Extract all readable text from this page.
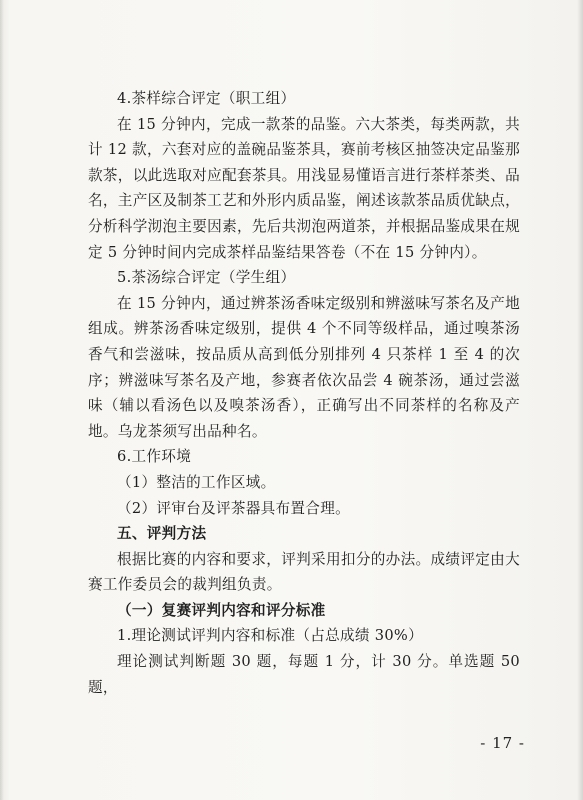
4.茶样综合评定（职工组）

在 15 分钟内，完成一款茶的品鉴。六大茶类，每类两款，共计 12 款，六套对应的盖碗品鉴茶具，赛前考核区抽签决定品鉴那款茶，以此选取对应配套茶具。用浅显易懂语言进行茶样茶类、品名，主产区及制茶工艺和外形内质品鉴，阐述该款茶品质优缺点，分析科学沏泡主要因素，先后共沏泡两道茶，并根据品鉴成果在规定 5 分钟时间内完成茶样品鉴结果答卷（不在 15 分钟内）。

5.茶汤综合评定（学生组）

在 15 分钟内，通过辨茶汤香味定级别和辨滋味写茶名及产地组成。辨茶汤香味定级别，提供 4 个不同等级样品，通过嗅茶汤香气和尝滋味，按品质从高到低分别排列 4 只茶样 1 至 4 的次序；辨滋味写茶名及产地，参赛者依次品尝 4 碗茶汤，通过尝滋味（辅以看汤色以及嗅茶汤香），正确写出不同茶样的名称及产地。乌龙茶须写出品种名。

6.工作环境

（1）整洁的工作区域。

（2）评审台及评茶器具布置合理。

五、评判方法

根据比赛的内容和要求，评判采用扣分的办法。成绩评定由大赛工作委员会的裁判组负责。

（一）复赛评判内容和评分标准

1.理论测试评判内容和标准（占总成绩 30%）

理论测试判断题 30 题，每题 1 分，计 30 分。单选题 50 题，

- 17 -
